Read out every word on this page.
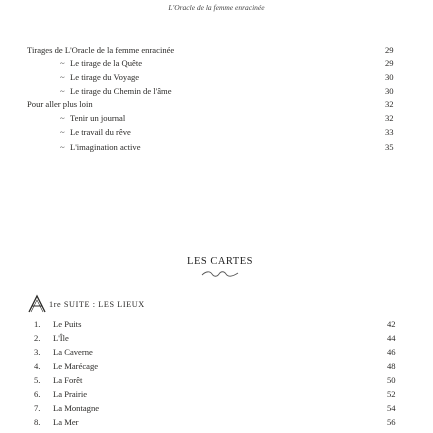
L'Oracle de la femme enracinée
Tirages de L'Oracle de la femme enracinée	29
~ Le tirage de la Quête	29
~ Le tirage du Voyage	30
~ Le tirage du Chemin de l'âme	30
Pour aller plus loin	32
~ Tenir un journal	32
~ Le travail du rêve	33
~ L'imagination active	35
LES CARTES
1re SUITE : LES LIEUX
1.	Le Puits	42
2.	L'Île	44
3.	La Caverne	46
4.	Le Marécage	48
5.	La Forêt	50
6.	La Prairie	52
7.	La Montagne	54
8.	La Mer	56
